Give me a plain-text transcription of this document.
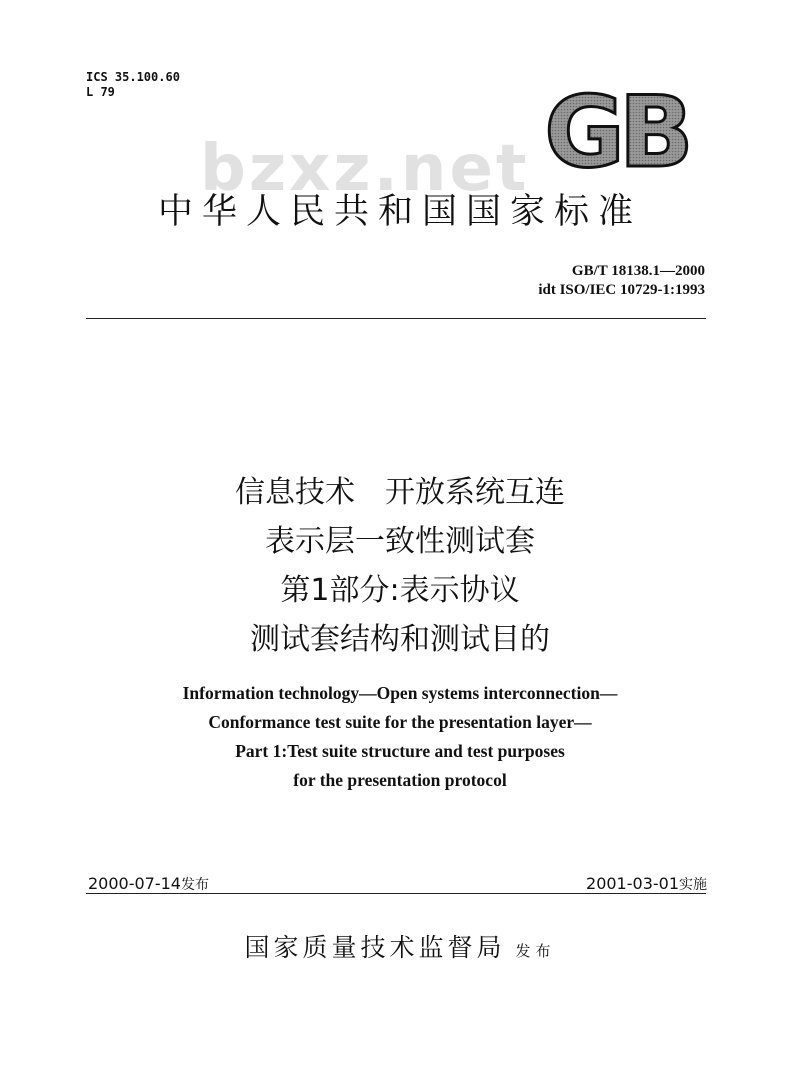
ICS 35.100.60
L 79	GB
bzxz.net
中华人民共和国国家标准
GB/T 18138.1—2000
idt ISO/IEC 10729-1:1993
信息技术　开放系统互连
表示层一致性测试套
第1部分:表示协议
测试套结构和测试目的
Information technology—Open systems interconnection—
Conformance test suite for the presentation layer—
Part 1:Test suite structure and test purposes
for the presentation protocol
2000-07-14发布	2001-03-01实施
国家质量技术监督局 发布
